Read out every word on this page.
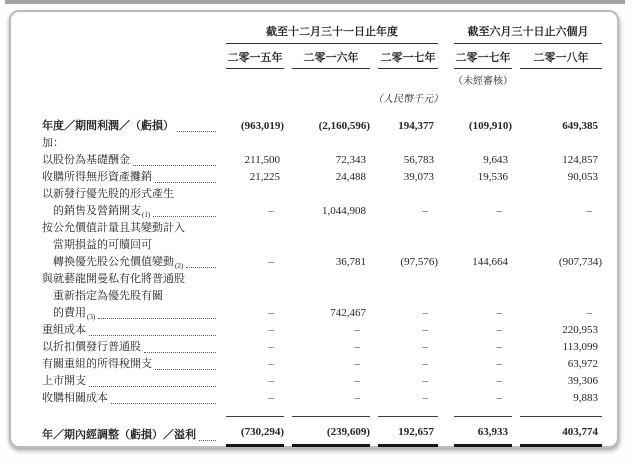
	截至十二月三十一日止年度				截至六月三十日止六個月	
	二零一五年	二零一六年	二零一七年		二零一七年	二零一八年

					（未經審核）	

			（人民幣千元）			

年度／期間利潤／（虧損）	(963,019)	(2,160,596)	194,377		(109,910)	649,385

加：						

以股份為基礎酬金	211,500	72,343	56,783		9,643	124,857

收購所得無形資產攤銷	21,225	24,488	39,073		19,536	90,053

以新發行優先股的形式產生
的銷售及營銷開支$^{(1)}$	–	1,044,908	–		–	–

按公允價值計量且其變動計入
當期損益的可贖回可
轉換優先股公允價值變動$^{(2)}$	–	36,781	(97,576)		144,664	(907,734)

與就藝龍開曼私有化將普通股
重新指定為優先股有關
的費用$^{(3)}$	–	742,467	–		–	–

重組成本	–	–	–		–	220,953

以折扣價發行普通股	–	–	–		–	113,099

有關重組的所得稅開支	–	–	–		–	63,972

上市開支	–	–	–		–	39,306

收購相關成本	–	–	–		–	9,883

年／期內經調整（虧損）／溢利	(730,294)	(239,609)	192,657		63,933	403,774
